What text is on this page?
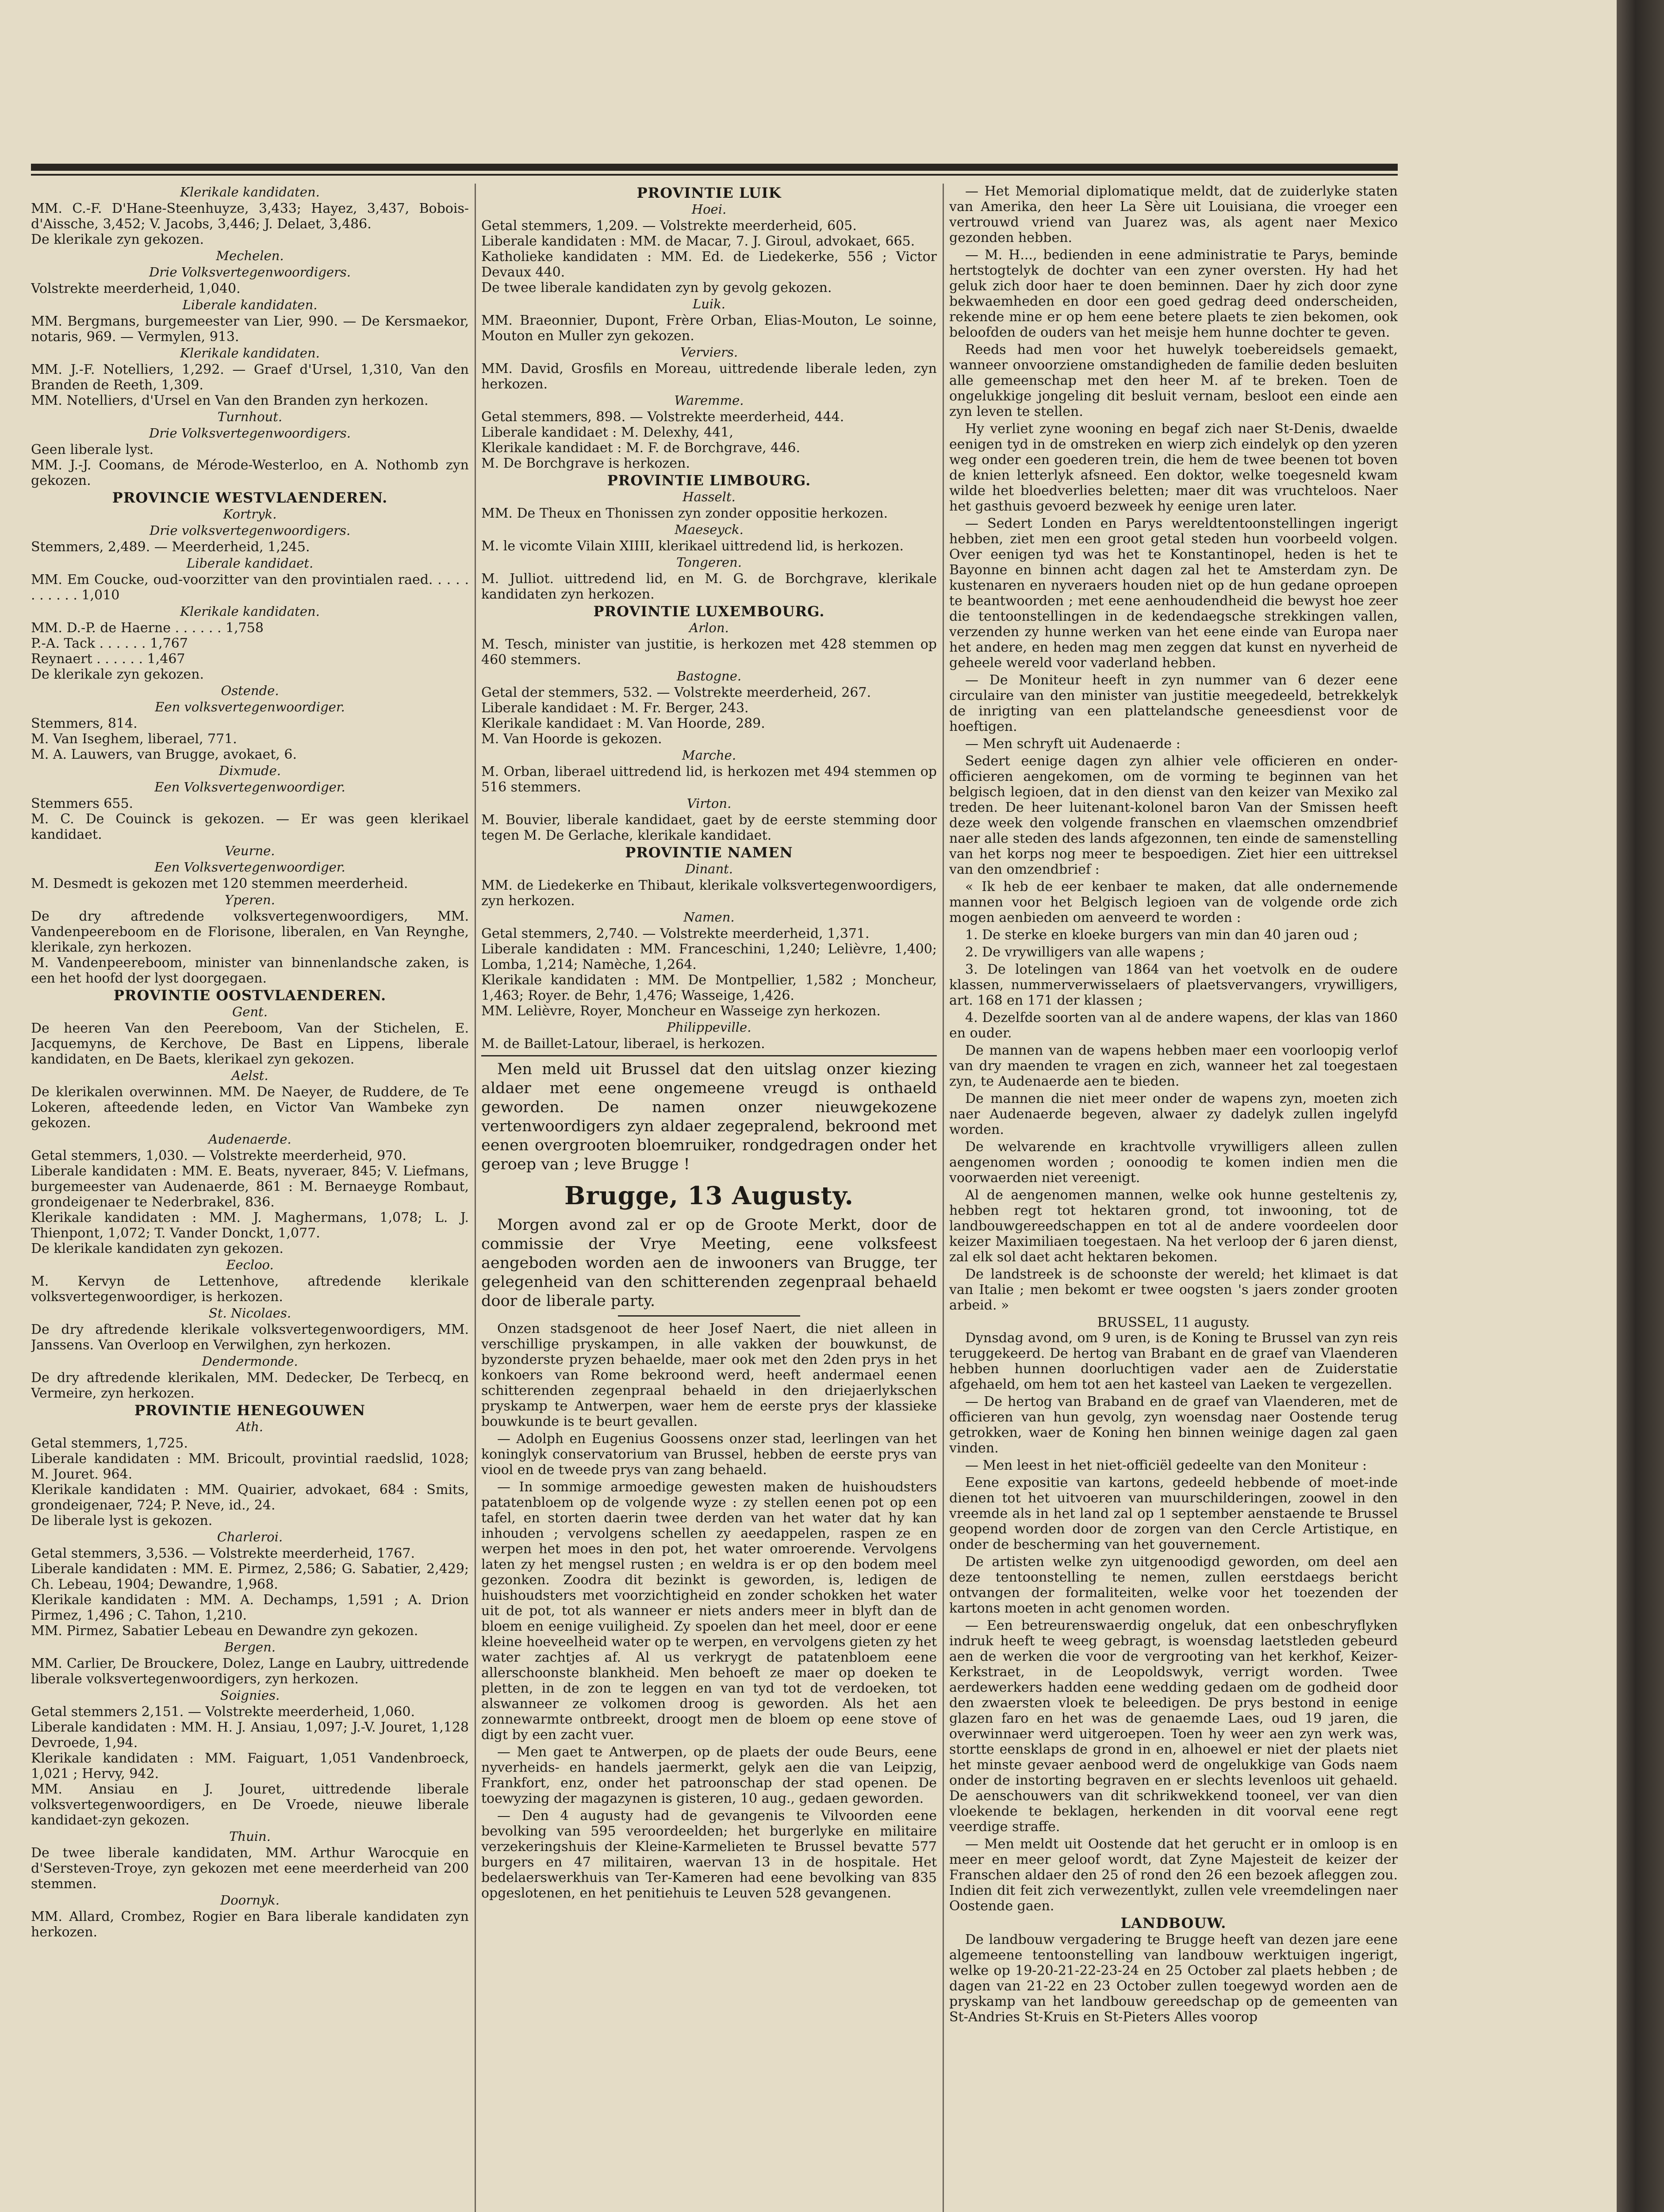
Klerikale kandidaten.
MM. C.-F. D'Hane-Steenhuyze, 3,433; Hayez, 3,437, Bobois-d'Aissche, 3,452; V. Jacobs, 3,446; J. Delaet, 3,486.
De klerikale zyn gekozen.
Mechelen.
Drie Volksvertegenwoordigers.
Volstrekte meerderheid, 1,040.
Liberale kandidaten.
MM. Bergmans, burgemeester van Lier, 990. — De Kersmaekor, notaris, 969. — Vermylen, 913.
Klerikale kandidaten.
MM. J.-F. Notelliers, 1,292. — Graef d'Ursel, 1,310, Van den Branden de Reeth, 1,309.
MM. Notelliers, d'Ursel en Van den Branden zyn herkozen.
Turnhout.
Drie Volksvertegenwoordigers.
Geen liberale lyst.
MM. J.-J. Coomans, de Mérode-Westerloo, en A. Nothomb zyn gekozen.
PROVINCIE WESTVLAENDEREN.
Kortryk.
Drie volksvertegenwoordigers.
Stemmers, 2,489. — Meerderheid, 1,245.
Liberale kandidaet.
MM. Em Coucke, oud-voorzitter van den provintialen raed. . . . . . . . . . . 1,010
Klerikale kandidaten.
MM. D.-P. de Haerne . . . . . . 1,758
P.-A. Tack . . . . . . 1,767
Reynaert . . . . . . 1,467
De klerikale zyn gekozen.
Ostende.
Een volksvertegenwoordiger.
Stemmers, 814.
M. Van Iseghem, liberael, 771.
M. A. Lauwers, van Brugge, avokaet, 6.
Dixmude.
Een Volksvertegenwoordiger.
Stemmers 655.
M. C. De Couinck is gekozen. — Er was geen klerikael kandidaet.
Veurne.
Een Volksvertegenwoordiger.
M. Desmedt is gekozen met 120 stemmen meerderheid.
Yperen.
De dry aftredende volksvertegenwoordigers, MM. Vandenpeereboom en de Florisone, liberalen, en Van Reynghe, klerikale, zyn herkozen.
M. Vandenpeereboom, minister van binnenlandsche zaken, is een het hoofd der lyst doorgegaen.
PROVINTIE OOSTVLAENDEREN.
Gent.
De heeren Van den Peereboom, Van der Stichelen, E. Jacquemyns, de Kerchove, De Bast en Lippens, liberale kandidaten, en De Baets, klerikael zyn gekozen.
Aelst.
De klerikalen overwinnen. MM. De Naeyer, de Ruddere, de Te Lokeren, afteedende leden, en Victor Van Wambeke zyn gekozen.
Audenaerde.
Getal stemmers, 1,030. — Volstrekte meerderheid, 970.
Liberale kandidaten : MM. E. Beats, nyveraer, 845; V. Liefmans, burgemeester van Audenaerde, 861 : M. Bernaeyge Rombaut, grondeigenaer te Nederbrakel, 836.
Klerikale kandidaten : MM. J. Maghermans, 1,078; L. J. Thienpont, 1,072; T. Vander Donckt, 1,077.
De klerikale kandidaten zyn gekozen.
Eecloo.
M. Kervyn de Lettenhove, aftredende klerikale volksvertegenwoordiger, is herkozen.
St. Nicolaes.
De dry aftredende klerikale volksvertegenwoordigers, MM. Janssens. Van Overloop en Verwilghen, zyn herkozen.
Dendermonde.
De dry aftredende klerikalen, MM. Dedecker, De Terbecq, en Vermeire, zyn herkozen.
PROVINTIE HENEGOUWEN
Ath.
Getal stemmers, 1,725.
Liberale kandidaten : MM. Bricoult, provintial raedslid, 1028; M. Jouret. 964.
Klerikale kandidaten : MM. Quairier, advokaet, 684 : Smits, grondeigenaer, 724; P. Neve, id., 24.
De liberale lyst is gekozen.
Charleroi.
Getal stemmers, 3,536. — Volstrekte meerderheid, 1767.
Liberale kandidaten : MM. E. Pirmez, 2,586; G. Sabatier, 2,429; Ch. Lebeau, 1904; Dewandre, 1,968.
Klerikale kandidaten : MM. A. Dechamps, 1,591 ; A. Drion Pirmez, 1,496 ; C. Tahon, 1,210.
MM. Pirmez, Sabatier Lebeau en Dewandre zyn gekozen.
Bergen.
MM. Carlier, De Brouckere, Dolez, Lange en Laubry, uittredende liberale volksvertegenwoordigers, zyn herkozen.
Soignies.
Getal stemmers 2,151. — Volstrekte meerderheid, 1,060.
Liberale kandidaten : MM. H. J. Ansiau, 1,097; J.-V. Jouret, 1,128 Devroede, 1,94.
Klerikale kandidaten : MM. Faiguart, 1,051 Vandenbroeck, 1,021 ; Hervy, 942.
MM. Ansiau en J. Jouret, uittredende liberale volksvertegenwoordigers, en De Vroede, nieuwe liberale kandidaet-zyn gekozen.
Thuin.
De twee liberale kandidaten, MM. Arthur Warocquie en d'Sersteven-Troye, zyn gekozen met eene meerderheid van 200 stemmen.
Doornyk.
MM. Allard, Crombez, Rogier en Bara liberale kandidaten zyn herkozen.
PROVINTIE LUIK
Hoei.
Getal stemmers, 1,209. — Volstrekte meerderheid, 605.
Liberale kandidaten : MM. de Macar, 7. J. Giroul, advokaet, 665.
Katholieke kandidaten : MM. Ed. de Liedekerke, 556 ; Victor Devaux 440.
De twee liberale kandidaten zyn by gevolg gekozen.
Luik.
MM. Braeonnier, Dupont, Frère Orban, Elias-Mouton, Le soinne, Mouton en Muller zyn gekozen.
Verviers.
MM. David, Grosfils en Moreau, uittredende liberale leden, zyn herkozen.
Waremme.
Getal stemmers, 898. — Volstrekte meerderheid, 444.
Liberale kandidaet : M. Delexhy, 441,
Klerikale kandidaet : M. F. de Borchgrave, 446.
M. De Borchgrave is herkozen.
PROVINTIE LIMBOURG.
Hasselt.
MM. De Theux en Thonissen zyn zonder oppositie herkozen.
Maeseyck.
M. le vicomte Vilain XIIII, klerikael uittredend lid, is herkozen.
Tongeren.
M. Julliot. uittredend lid, en M. G. de Borchgrave, klerikale kandidaten zyn herkozen.
PROVINTIE LUXEMBOURG.
Arlon.
M. Tesch, minister van justitie, is herkozen met 428 stemmen op 460 stemmers.
Bastogne.
Getal der stemmers, 532. — Volstrekte meerderheid, 267.
Liberale kandidaet : M. Fr. Berger, 243.
Klerikale kandidaet : M. Van Hoorde, 289.
M. Van Hoorde is gekozen.
Marche.
M. Orban, liberael uittredend lid, is herkozen met 494 stemmen op 516 stemmers.
Virton.
M. Bouvier, liberale kandidaet, gaet by de eerste stemming door tegen M. De Gerlache, klerikale kandidaet.
PROVINTIE NAMEN
Dinant.
MM. de Liedekerke en Thibaut, klerikale volksvertegenwoordigers, zyn herkozen.
Namen.
Getal stemmers, 2,740. — Volstrekte meerderheid, 1,371.
Liberale kandidaten : MM. Franceschini, 1,240; Lelièvre, 1,400; Lomba, 1,214; Namèche, 1,264.
Klerikale kandidaten : MM. De Montpellier, 1,582 ; Moncheur, 1,463; Royer. de Behr, 1,476; Wasseige, 1,426.
MM. Lelièvre, Royer, Moncheur en Wasseige zyn herkozen.
Philippeville.
M. de Baillet-Latour, liberael, is herkozen.
Men meld uit Brussel dat den uitslag onzer kiezing aldaer met eene ongemeene vreugd is onthaeld geworden. De namen onzer nieuwgekozene vertenwoordigers zyn aldaer zegepralend, bekroond met eenen overgrooten bloemruiker, rondgedragen onder het geroep van ; leve Brugge !
Brugge, 13 Augusty.
Morgen avond zal er op de Groote Merkt, door de commissie der Vrye Meeting, eene volksfeest aengeboden worden aen de inwooners van Brugge, ter gelegenheid van den schitterenden zegenpraal behaeld door de liberale party.
Onzen stadsgenoot de heer Josef Naert, die niet alleen in verschillige pryskampen, in alle vakken der bouwkunst, de byzonderste pryzen behaelde, maer ook met den 2den prys in het konkoers van Rome bekroond werd, heeft andermael eenen schitterenden zegenpraal behaeld in den driejaerlykschen pryskamp te Antwerpen, waer hem de eerste prys der klassieke bouwkunde is te beurt gevallen.
— Adolph en Eugenius Goossens onzer stad, leerlingen van het koninglyk conservatorium van Brussel, hebben de eerste prys van viool en de tweede prys van zang behaeld.
— In sommige armoedige gewesten maken de huishoudsters patatenbloem op de volgende wyze : zy stellen eenen pot op een tafel, en storten daerin twee derden van het water dat hy kan inhouden ; vervolgens schellen zy aeedappelen, raspen ze en werpen het moes in den pot, het water omroerende. Vervolgens laten zy het mengsel rusten ; en weldra is er op den bodem meel gezonken. Zoodra dit bezinkt is geworden, is, ledigen de huishoudsters met voorzichtigheid en zonder schokken het water uit de pot, tot als wanneer er niets anders meer in blyft dan de bloem en eenige vuiligheid. Zy spoelen dan het meel, door er eene kleine hoeveelheid water op te werpen, en vervolgens gieten zy het water zachtjes af. Al us verkrygt de patatenbloem eene allerschoonste blankheid. Men behoeft ze maer op doeken te pletten, in de zon te leggen en van tyd tot de verdoeken, tot alswanneer ze volkomen droog is geworden. Als het aen zonnewarmte ontbreekt, droogt men de bloem op eene stove of digt by een zacht vuer.
— Men gaet te Antwerpen, op de plaets der oude Beurs, eene nyverheids- en handels jaermerkt, gelyk aen die van Leipzig, Frankfort, enz, onder het patroonschap der stad openen. De toewyzing der magazynen is gisteren, 10 aug., gedaen geworden.
— Den 4 augusty had de gevangenis te Vilvoorden eene bevolking van 595 veroordeelden; het burgerlyke en militaire verzekeringshuis der Kleine-Karmelieten te Brussel bevatte 577 burgers en 47 militairen, waervan 13 in de hospitale. Het bedelaerswerkhuis van Ter-Kameren had eene bevolking van 835 opgeslotenen, en het penitiehuis te Leuven 528 gevangenen.
— Het Memorial diplomatique meldt, dat de zuiderlyke staten van Amerika, den heer La Sère uit Louisiana, die vroeger een vertrouwd vriend van Juarez was, als agent naer Mexico gezonden hebben.
— M. H..., bedienden in eene administratie te Parys, beminde hertstogtelyk de dochter van een zyner oversten. Hy had het geluk zich door haer te doen beminnen. Daer hy zich door zyne bekwaemheden en door een goed gedrag deed onderscheiden, rekende mine er op hem eene betere plaets te zien bekomen, ook beloofden de ouders van het meisje hem hunne dochter te geven.
Reeds had men voor het huwelyk toebereidsels gemaekt, wanneer onvoorziene omstandigheden de familie deden besluiten alle gemeenschap met den heer M. af te breken. Toen de ongelukkige jongeling dit besluit vernam, besloot een einde aen zyn leven te stellen.
Hy verliet zyne wooning en begaf zich naer St-Denis, dwaelde eenigen tyd in de omstreken en wierp zich eindelyk op den yzeren weg onder een goederen trein, die hem de twee beenen tot boven de knien letterlyk afsneed. Een doktor, welke toegesneld kwam wilde het bloedverlies beletten; maer dit was vruchteloos. Naer het gasthuis gevoerd bezweek hy eenige uren later.
— Sedert Londen en Parys wereldtentoonstellingen ingerigt hebben, ziet men een groot getal steden hun voorbeeld volgen. Over eenigen tyd was het te Konstantinopel, heden is het te Bayonne en binnen acht dagen zal het te Amsterdam zyn. De kustenaren en nyveraers houden niet op de hun gedane oproepen te beantwoorden ; met eene aenhoudendheid die bewyst hoe zeer die tentoonstellingen in de kedendaegsche strekkingen vallen, verzenden zy hunne werken van het eene einde van Europa naer het andere, en heden mag men zeggen dat kunst en nyverheid de geheele wereld voor vaderland hebben.
— De Moniteur heeft in zyn nummer van 6 dezer eene circulaire van den minister van justitie meegedeeld, betrekkelyk de inrigting van een plattelandsche geneesdienst voor de hoeftigen.
— Men schryft uit Audenaerde :
Sedert eenige dagen zyn alhier vele officieren en onder-officieren aengekomen, om de vorming te beginnen van het belgisch legioen, dat in den dienst van den keizer van Mexiko zal treden. De heer luitenant-kolonel baron Van der Smissen heeft deze week den volgende franschen en vlaemschen omzendbrief naer alle steden des lands afgezonnen, ten einde de samenstelling van het korps nog meer te bespoedigen. Ziet hier een uittreksel van den omzendbrief :
« Ik heb de eer kenbaer te maken, dat alle ondernemende mannen voor het Belgisch legioen van de volgende orde zich mogen aenbieden om aenveerd te worden :
1. De sterke en kloeke burgers van min dan 40 jaren oud ;
2. De vrywilligers van alle wapens ;
3. De lotelingen van 1864 van het voetvolk en de oudere klassen, nummerverwisselaers of plaetsvervangers, vrywilligers, art. 168 en 171 der klassen ;
4. Dezelfde soorten van al de andere wapens, der klas van 1860 en ouder.
De mannen van de wapens hebben maer een voorloopig verlof van dry maenden te vragen en zich, wanneer het zal toegestaen zyn, te Audenaerde aen te bieden.
De mannen die niet meer onder de wapens zyn, moeten zich naer Audenaerde begeven, alwaer zy dadelyk zullen ingelyfd worden.
De welvarende en krachtvolle vrywilligers alleen zullen aengenomen worden ; oonoodig te komen indien men die voorwaerden niet vereenigt.
Al de aengenomen mannen, welke ook hunne gesteltenis zy, hebben regt tot hektaren grond, tot inwooning, tot de landbouwgereedschappen en tot al de andere voordeelen door keizer Maximiliaen toegestaen. Na het verloop der 6 jaren dienst, zal elk sol daet acht hektaren bekomen.
De landstreek is de schoonste der wereld; het klimaet is dat van Italie ; men bekomt er twee oogsten 's jaers zonder grooten arbeid. »
BRUSSEL, 11 augusty.
Dynsdag avond, om 9 uren, is de Koning te Brussel van zyn reis teruggekeerd. De hertog van Brabant en de graef van Vlaenderen hebben hunnen doorluchtigen vader aen de Zuiderstatie afgehaeld, om hem tot aen het kasteel van Laeken te vergezellen.
— De hertog van Braband en de graef van Vlaenderen, met de officieren van hun gevolg, zyn woensdag naer Oostende terug getrokken, waer de Koning hen binnen weinige dagen zal gaen vinden.
— Men leest in het niet-officiël gedeelte van den Moniteur :
Eene expositie van kartons, gedeeld hebbende of moet-inde dienen tot het uitvoeren van muurschilderingen, zoowel in den vreemde als in het land zal op 1 september aenstaende te Brussel geopend worden door de zorgen van den Cercle Artistique, en onder de bescherming van het gouvernement.
De artisten welke zyn uitgenoodigd geworden, om deel aen deze tentoonstelling te nemen, zullen eerstdaegs bericht ontvangen der formaliteiten, welke voor het toezenden der kartons moeten in acht genomen worden.
— Een betreurenswaerdig ongeluk, dat een onbeschryflyken indruk heeft te weeg gebragt, is woensdag laetstleden gebeurd aen de werken die voor de vergrooting van het kerkhof, Keizer-Kerkstraet, in de Leopoldswyk, verrigt worden. Twee aerdewerkers hadden eene wedding gedaen om de godheid door den zwaersten vloek te beleedigen. De prys bestond in eenige glazen faro en het was de genaemde Laes, oud 19 jaren, die overwinnaer werd uitgeroepen. Toen hy weer aen zyn werk was, stortte eensklaps de grond in en, alhoewel er niet der plaets niet het minste gevaer aenbood werd de ongelukkige van Gods naem onder de instorting begraven en er slechts levenloos uit gehaeld. De aenschouwers van dit schrikwekkend tooneel, ver van dien vloekende te beklagen, herkenden in dit voorval eene regt veerdige straffe.
— Men meldt uit Oostende dat het gerucht er in omloop is en meer en meer geloof wordt, dat Zyne Majesteit de keizer der Franschen aldaer den 25 of rond den 26 een bezoek afleggen zou. Indien dit feit zich verwezentlykt, zullen vele vreemdelingen naer Oostende gaen.
LANDBOUW.
De landbouw vergadering te Brugge heeft van dezen jare eene algemeene tentoonstelling van landbouw werktuigen ingerigt, welke op 19-20-21-22-23-24 en 25 October zal plaets hebben ; de dagen van 21-22 en 23 October zullen toegewyd worden aen de pryskamp van het landbouw gereedschap op de gemeenten van St-Andries St-Kruis en St-Pieters Alles voorop
